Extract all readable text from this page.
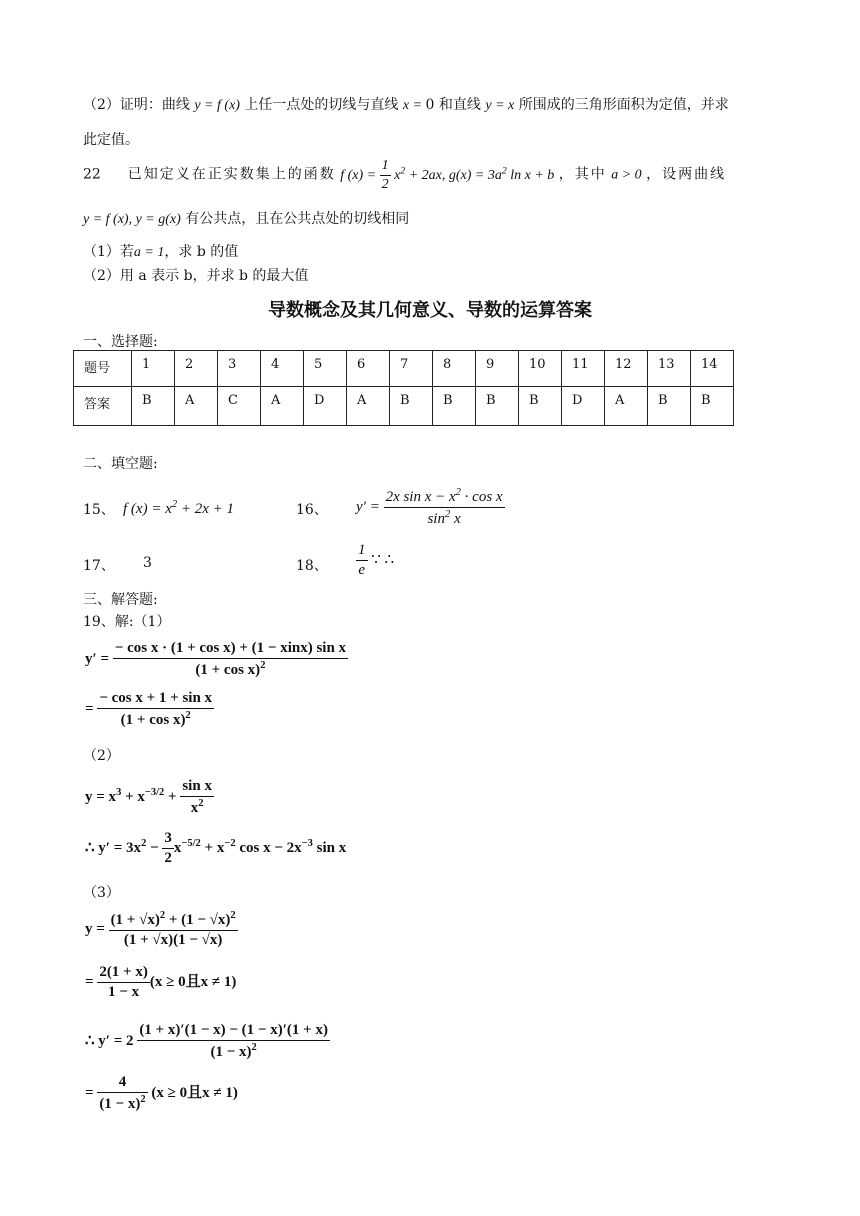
（2）证明：曲线 y = f (x) 上任一点处的切线与直线 x = 0 和直线 y = x 所围成的三角形面积为定值，并求
此定值。
22 已知定义在正实数集上的函数 f $(x) = \frac{1}{2} x^2 + 2ax$, $g(x) = 3a^2$ ln x + b ，其中 a > 0 ，设两曲线
y = f (x), y = g(x) 有公共点，且在公共点处的切线相同
（1）若a = 1，求 b 的值
（2）用 a 表示 b，并求 b 的最大值
导数概念及其几何意义、导数的运算答案
一、选择题:
题号	1	2	3	4	5	6	7	8	9	10	11	12	13	14
答案	B	A	C	A	D	A	B	B	B	B	D	A	B	B
二、填空题:
15、 f $(x) = x^2 + 2x + 1$	16、 $y' = \frac{2x \sin x - x^2 \cdot \cos x}{\sin^2 x}$
17、 3	18、 $\frac{1}{e}$ ∵ ∴
三、解答题:
19、解:（1）
$y' = \frac{\text{− cos x · (1 + cos x) + (1 − xinx) sin x}}{(1 + \cos x)^2}$
= $\frac{\text{− cos x + 1 + sin x}}{(1 + \cos x)^2}$
（2）
$y = x^3 + x^{-3/2} + \frac{\text{sin x}}{x^2}$
∴ $y' = 3x^2 - \frac{3}{2} x^{-5/2} + x^{-2}$ $\cos x - 2x^{-3}$ sin x
（3）
$y = \frac{(1 + √x)^2 + (1 - √x)^2}{(1 + √x)(1 - √x)}$
= $\frac{2(1 + x)}{1 - x} (x \ge 0$且x ≠ 1)
∴ $y' = 2 \frac{(1 + x)'(1 - x) - (1 - x)'(1 + x)}{(1 - x)^2}$
= $\frac{4}{(1 - x)^2} (x \ge 0$且x ≠ 1)
